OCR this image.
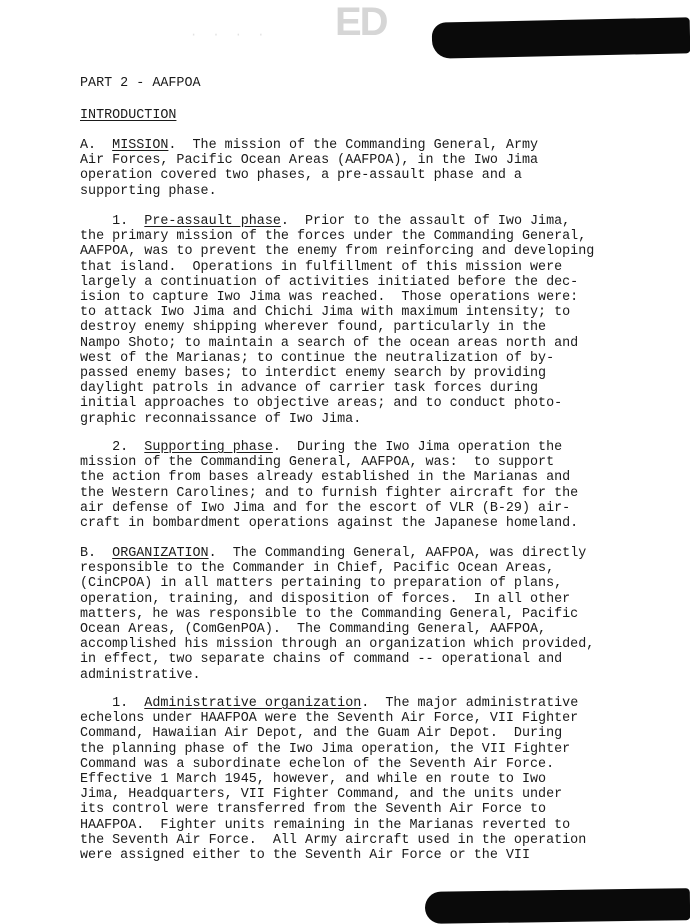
· · · ·	ED
PART 2 - AAFPOA
INTRODUCTION

A. MISSION.  The mission of the Commanding General, Army
Air Forces, Pacific Ocean Areas (AAFPOA), in the Iwo Jima
operation covered two phases, a pre-assault phase and a
supporting phase.

1.  Pre-assault phase.  Prior to the assault of Iwo Jima,
the primary mission of the forces under the Commanding General,
AAFPOA, was to prevent the enemy from reinforcing and developing
that island.  Operations in fulfillment of this mission were
largely a continuation of activities initiated before the dec-
ision to capture Iwo Jima was reached.  Those operations were:
to attack Iwo Jima and Chichi Jima with maximum intensity; to
destroy enemy shipping wherever found, particularly in the
Nampo Shoto; to maintain a search of the ocean areas north and
west of the Marianas; to continue the neutralization of by-
passed enemy bases; to interdict enemy search by providing
daylight patrols in advance of carrier task forces during
initial approaches to objective areas; and to conduct photo-
graphic reconnaissance of Iwo Jima.

2.  Supporting phase.  During the Iwo Jima operation the
mission of the Commanding General, AAFPOA, was:  to support
the action from bases already established in the Marianas and
the Western Carolines; and to furnish fighter aircraft for the
air defense of Iwo Jima and for the escort of VLR (B-29) air-
craft in bombardment operations against the Japanese homeland.

B.  ORGANIZATION.  The Commanding General, AAFPOA, was directly
responsible to the Commander in Chief, Pacific Ocean Areas,
(CinCPOA) in all matters pertaining to preparation of plans,
operation, training, and disposition of forces.  In all other
matters, he was responsible to the Commanding General, Pacific
Ocean Areas, (ComGenPOA).  The Commanding General, AAFPOA,
accomplished his mission through an organization which provided,
in effect, two separate chains of command -- operational and
administrative.

1.  Administrative organization.  The major administrative
echelons under HAAFPOA were the Seventh Air Force, VII Fighter
Command, Hawaiian Air Depot, and the Guam Air Depot.  During
the planning phase of the Iwo Jima operation, the VII Fighter
Command was a subordinate echelon of the Seventh Air Force.
Effective 1 March 1945, however, and while en route to Iwo
Jima, Headquarters, VII Fighter Command, and the units under
its control were transferred from the Seventh Air Force to
HAAFPOA.  Fighter units remaining in the Marianas reverted to
the Seventh Air Force.  All Army aircraft used in the operation
were assigned either to the Seventh Air Force or the VII
